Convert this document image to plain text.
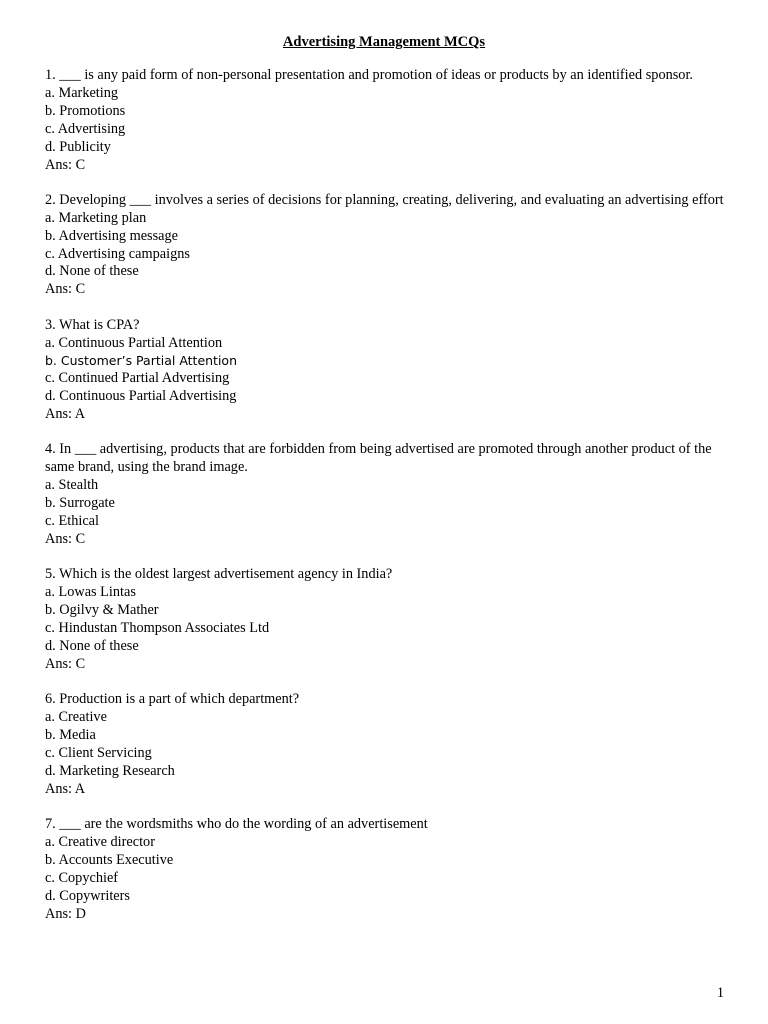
Advertising Management MCQs
1. ___ is any paid form of non-personal presentation and promotion of ideas or products by an identified sponsor.
a. Marketing
b. Promotions
c. Advertising
d. Publicity
Ans: C
2. Developing ___ involves a series of decisions for planning, creating, delivering, and evaluating an advertising effort
a. Marketing plan
b. Advertising message
c. Advertising campaigns
d. None of these
Ans: C
3. What is CPA?
a. Continuous Partial Attention
b. Customer’s Partial Attention
c. Continued Partial Advertising
d. Continuous Partial Advertising
Ans: A
4. In ___ advertising, products that are forbidden from being advertised are promoted through another product of the same brand, using the brand image.
a. Stealth
b. Surrogate
c. Ethical
Ans: C
5. Which is the oldest largest advertisement agency in India?
a. Lowas Lintas
b. Ogilvy & Mather
c. Hindustan Thompson Associates Ltd
d. None of these
Ans: C
6. Production is a part of which department?
a. Creative
b. Media
c. Client Servicing
d. Marketing Research
Ans: A
7. ___ are the wordsmiths who do the wording of an advertisement
a. Creative director
b. Accounts Executive
c. Copychief
d. Copywriters
Ans: D
1
